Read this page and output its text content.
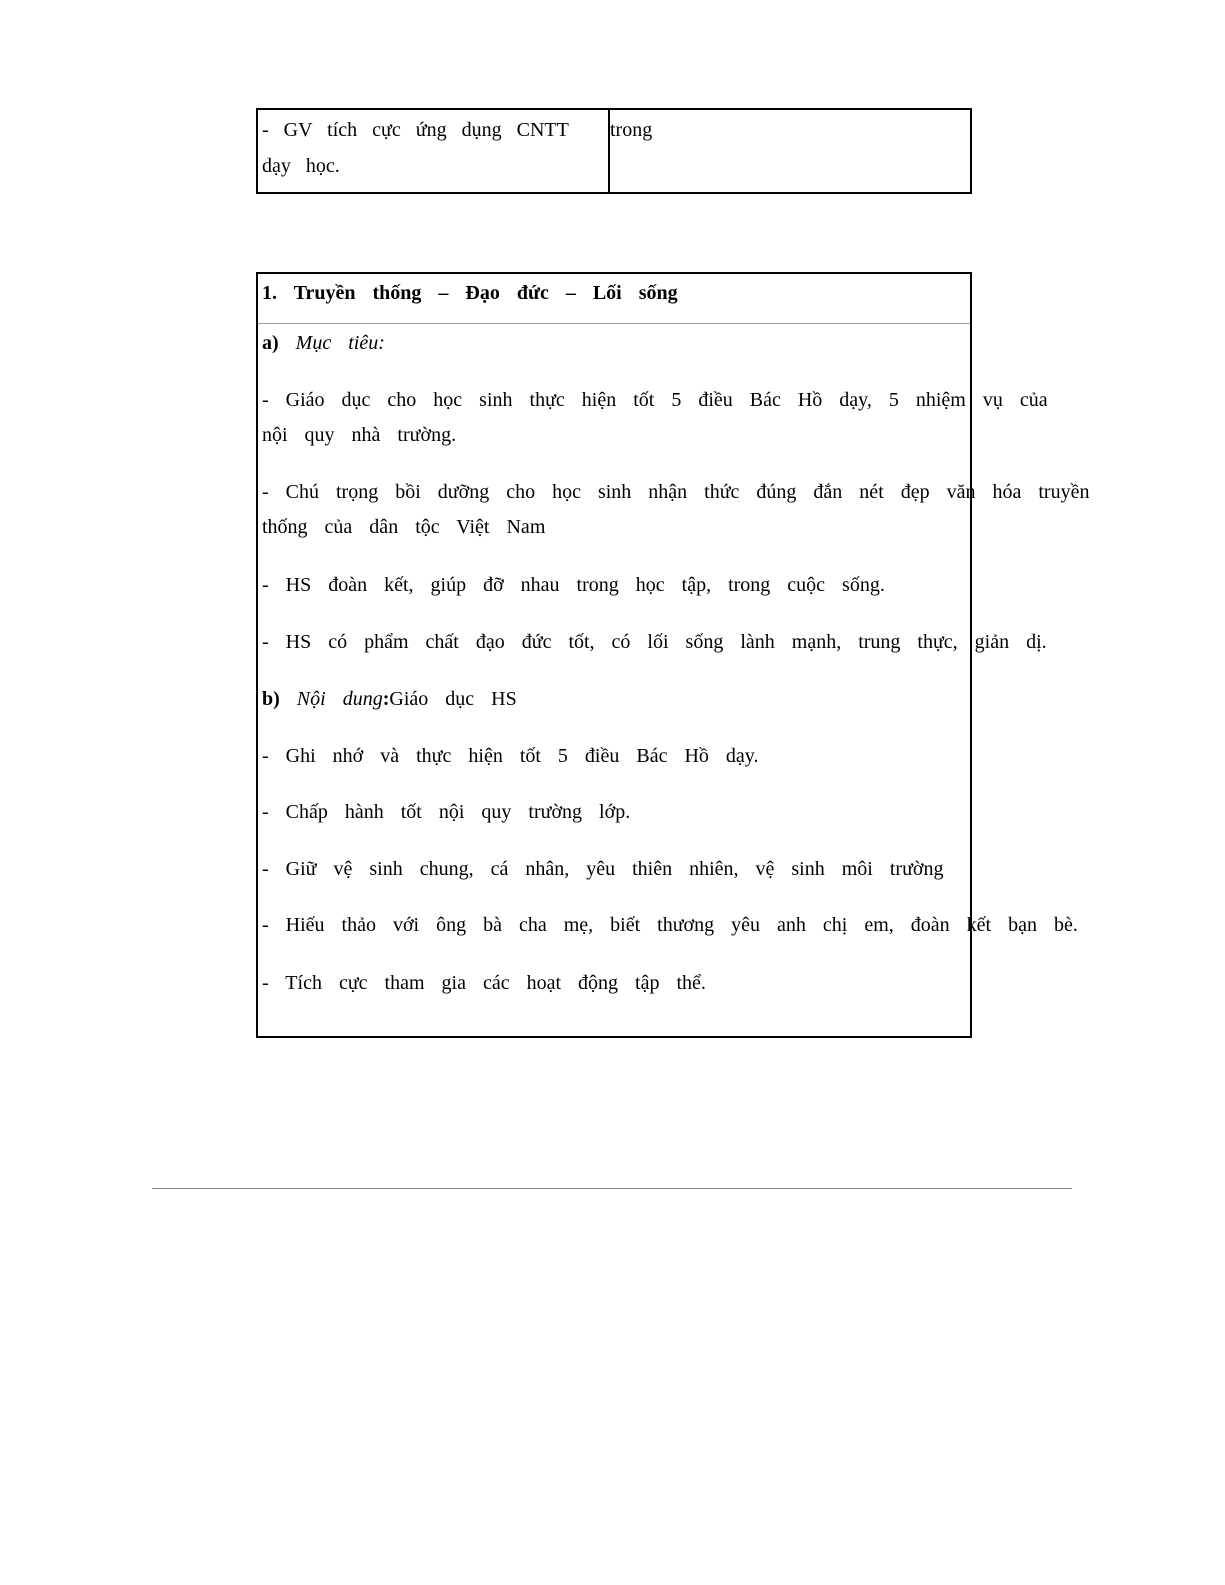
- GV tích cực ứng dụng CNTT
dạy học.
trong
1. Truyền thống – Đạo đức – Lối sống
a) Mục tiêu:
- Giáo dục cho học sinh thực hiện tốt 5 điều Bác Hồ dạy, 5 nhiệm vụ của
nội quy nhà trường.
- Chú trọng bồi dưỡng cho học sinh nhận thức đúng đắn nét đẹp văn hóa truyền
thống của dân tộc Việt Nam
- HS đoàn kết, giúp đỡ nhau trong học tập, trong cuộc sống.
- HS có phẩm chất đạo đức tốt, có lối sống lành mạnh, trung thực, giản dị.
b) Nội dung:Giáo dục HS
- Ghi nhớ và thực hiện tốt 5 điều Bác Hồ dạy.
- Chấp hành tốt nội quy trường lớp.
- Giữ vệ sinh chung, cá nhân, yêu thiên nhiên, vệ sinh môi trường
- Hiếu thảo với ông bà cha mẹ, biết thương yêu anh chị em, đoàn kết bạn bè.
- Tích cực tham gia các hoạt động tập thể.
